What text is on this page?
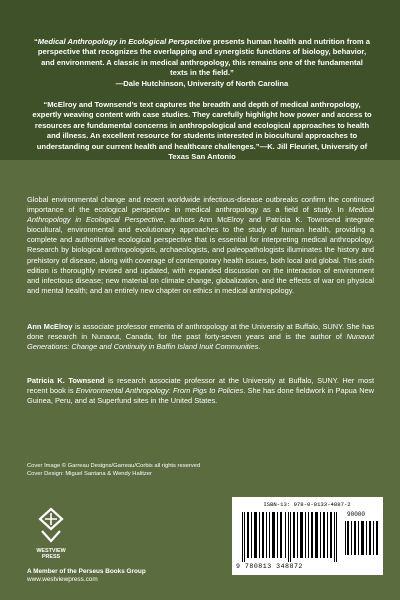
“Medical Anthropology in Ecological Perspective presents human health and nutrition from a perspective that recognizes the overlapping and synergistic functions of biology, behavior, and environment. A classic in medical anthropology, this remains one of the fundamental texts in the field.”
—Dale Hutchinson, University of North Carolina
“McElroy and Townsend’s text captures the breadth and depth of medical anthropology, expertly weaving content with case studies. They carefully highlight how power and access to resources are fundamental concerns in anthropological and ecological approaches to health and illness. An excellent resource for students interested in biocultural approaches to understanding our current health and healthcare challenges.”—K. Jill Fleuriet, University of Texas San Antonio
Global environmental change and recent worldwide infectious-disease outbreaks confirm the continued importance of the ecological perspective in medical anthropology as a field of study. In Medical Anthropology in Ecological Perspective, authors Ann McElroy and Patricia K. Townsend integrate biocultural, environmental and evolutionary approaches to the study of human health, providing a complete and authoritative ecological perspective that is essential for interpreting medical anthropology. Research by biological anthropologists, archaeologists, and paleopathologists illuminates the history and prehistory of disease, along with coverage of contemporary health issues, both local and global. This sixth edition is thoroughly revised and updated, with expanded discussion on the interaction of environment and infectious disease; new material on climate change, globalization, and the effects of war on physical and mental health; and an entirely new chapter on ethics in medical anthropology.
Ann McElroy is associate professor emerita of anthropology at the University at Buffalo, SUNY. She has done research in Nunavut, Canada, for the past forty-seven years and is the author of Nunavut Generations: Change and Continuity in Baffin Island Inuit Communities.
Patricia K. Townsend is research associate professor at the University at Buffalo, SUNY. Her most recent book is Environmental Anthropology: From Pigs to Policies. She has done fieldwork in Papua New Guinea, Peru, and at Superfund sites in the United States.
Cover Image © Garreau Designs/Garreau/Corbis all rights reserved
Cover Design: Miguel Santana & Wendy Halitzer
WESTVIEW
PRESS
A Member of the Perseus Books Group
www.westviewpress.com
ISBN-13: 978-0-8133-4887-2
90000
9 780813 348872
